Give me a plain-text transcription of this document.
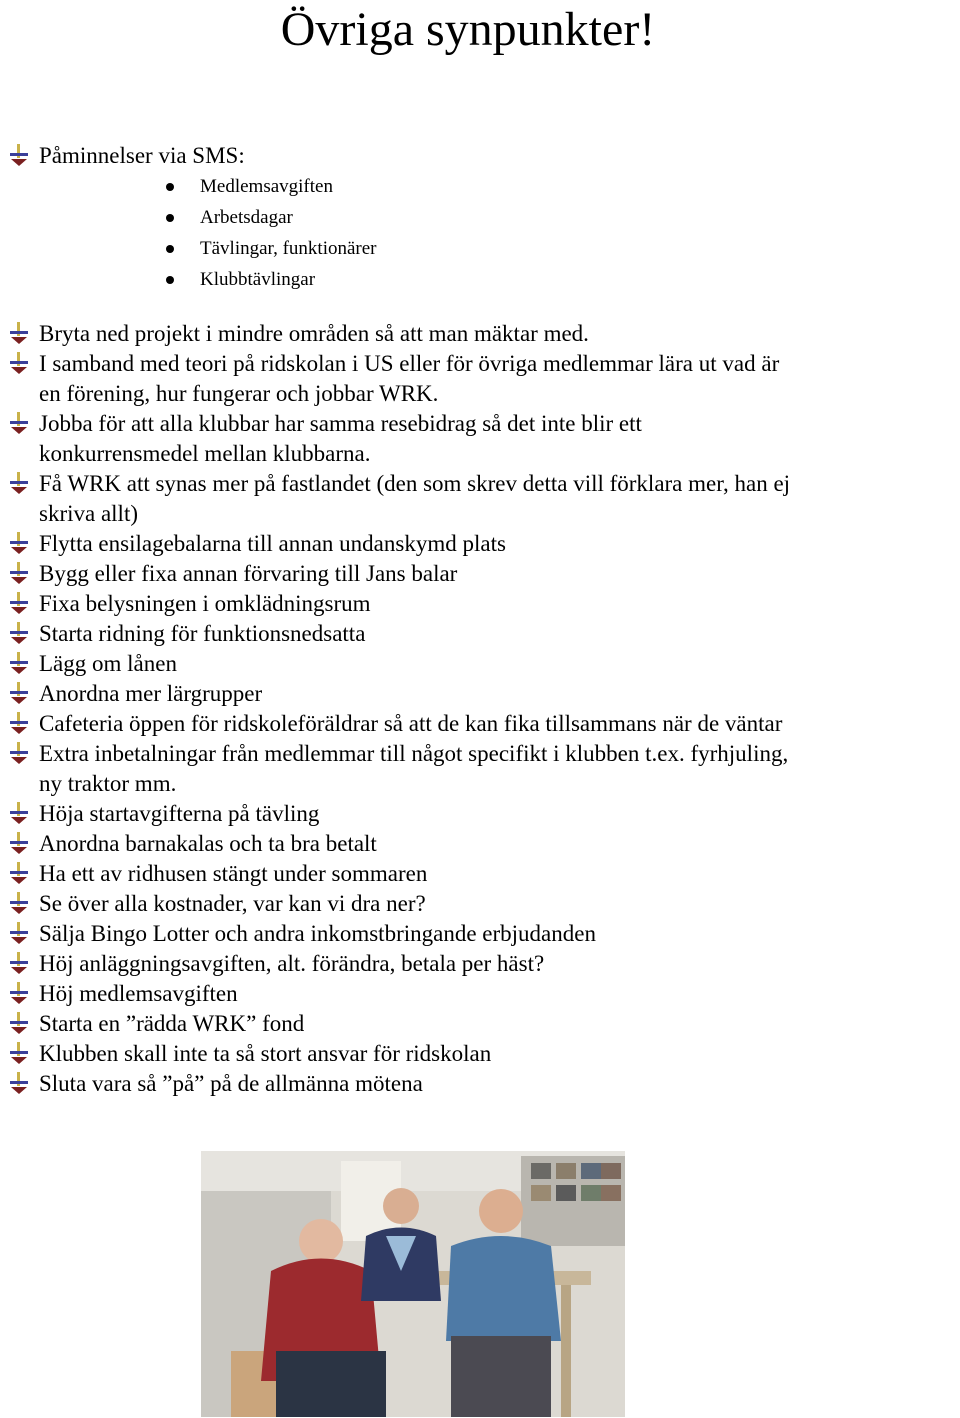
Övriga synpunkter!
Påminnelser via SMS:
Medlemsavgiften
Arbetsdagar
Tävlingar, funktionärer
Klubbtävlingar
Bryta ned projekt i mindre områden så att man mäktar med.
I samband med teori på ridskolan i US eller för övriga medlemmar lära ut vad är
en förening, hur fungerar och jobbar WRK.
Jobba för att alla klubbar har samma resebidrag så det inte blir ett
konkurrensmedel mellan klubbarna.
Få WRK att synas mer på fastlandet (den som skrev detta vill förklara mer, han ej
skriva allt)
Flytta ensilagebalarna till annan undanskymd plats
Bygg eller fixa annan förvaring till Jans balar
Fixa belysningen i omklädningsrum
Starta ridning för funktionsnedsatta
Lägg om lånen
Anordna mer lärgrupper
Cafeteria öppen för ridskoleföräldrar så att de kan fika tillsammans när de väntar
Extra inbetalningar från medlemmar till något specifikt i klubben t.ex. fyrhjuling,
ny traktor mm.
Höja startavgifterna på tävling
Anordna barnakalas och ta bra betalt
Ha ett av ridhusen stängt under sommaren
Se över alla kostnader, var kan vi dra ner?
Sälja Bingo Lotter och andra inkomstbringande erbjudanden
Höj anläggningsavgiften, alt. förändra, betala per häst?
Höj medlemsavgiften
Starta en ”rädda WRK” fond
Klubben skall inte ta så stort ansvar för ridskolan
Sluta vara så ”på” på de allmänna mötena
